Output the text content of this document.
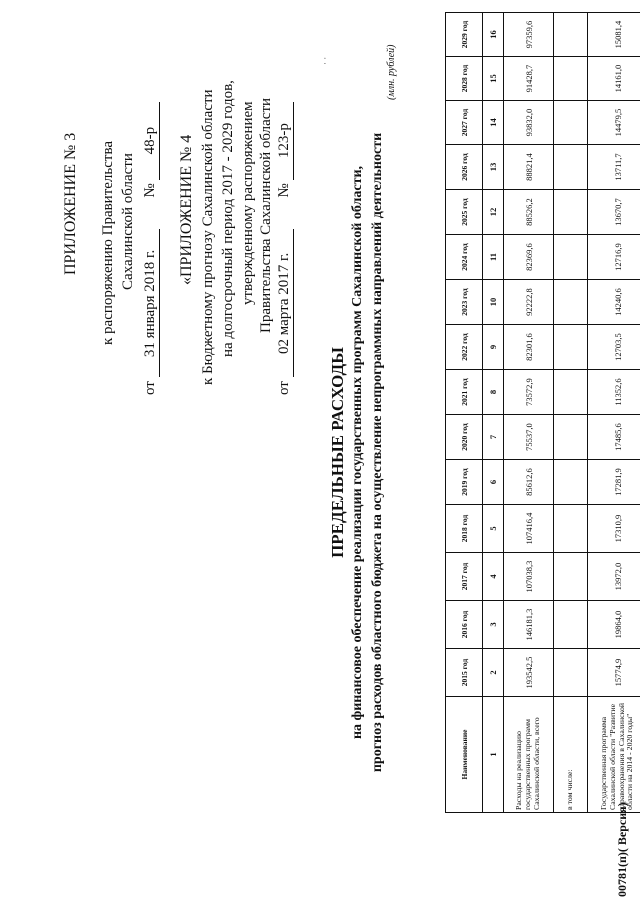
ПРИЛОЖЕНИЕ № 3 к распоряжению Правительства Сахалинской области
от 31 января 2018 г. № 48-р «ПРИЛОЖЕНИЕ № 4 к Бюджетному прогнозу Сахалинской области на долгосрочный период 2017 - 2029 годов, утвержденному распоряжением Правительства Сахалинской области
от 02 марта 2017 г. № 123-р
· ·
ПРЕДЕЛЬНЫЕ РАСХОДЫ на финансовое обеспечение реализации государственных программ Сахалинской области, прогноз расходов областного бюджета на осуществление непрограммных направлений деятельности
(млн. рублей)
Наименование	2015 год	2016 год	2017 год	2018 год	2019 год	2020 год	2021 год	2022 год	2023 год	2024 год	2025 год	2026 год	2027 год	2028 год	2029 год
1	2	3	4	5	6	7	8	9	10	11	12	13	14	15	16
Расходы на реализацию государственных программ Сахалинской области, всего	193542,5	146181,3	107038,3	107416,4	85612,6	75537,0	73572,9	82301,6	92222,8	82369,6	88526,2	88821,4	93832,0	91428,7	97359,6
в том числе:															
Государственная программа Сахалинской области "Развитие здравоохранения в Сахалинской области на 2014 - 2020 годы"	15774,9	19864,0	13972,0	17310,9	17281,9	17485,6	11352,6	12703,5	14240,6	12716,9	13670,7	13711,7	14479,5	14161,0	15081,4
00781(п)( Версия)
